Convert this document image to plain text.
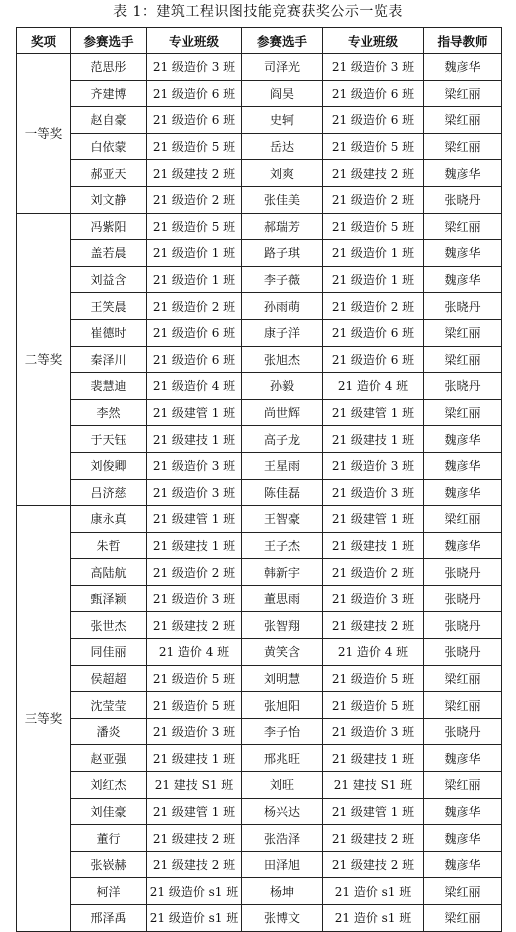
表 1：建筑工程识图技能竞赛获奖公示一览表
奖项	参赛选手	专业班级	参赛选手	专业班级	指导教师
一等奖	范思彤	21 级造价 3 班	司泽光	21 级造价 3 班	魏彦华
	齐建博	21 级造价 6 班	阎昊	21 级造价 6 班	梁红丽
	赵自豪	21 级造价 6 班	史轲	21 级造价 6 班	梁红丽
	白依蒙	21 级造价 5 班	岳达	21 级造价 5 班	梁红丽
	郝亚天	21 级建技 2 班	刘爽	21 级建技 2 班	魏彦华
	刘文静	21 级造价 2 班	张佳美	21 级造价 2 班	张晓丹
二等奖	冯紫阳	21 级造价 5 班	郝瑞芳	21 级造价 5 班	梁红丽
	盖若晨	21 级造价 1 班	路子琪	21 级造价 1 班	魏彦华
	刘益含	21 级造价 1 班	李子薇	21 级造价 1 班	魏彦华
	王笑晨	21 级造价 2 班	孙雨萌	21 级造价 2 班	张晓丹
	崔德时	21 级造价 6 班	康子洋	21 级造价 6 班	梁红丽
	秦泽川	21 级造价 6 班	张旭杰	21 级造价 6 班	梁红丽
	裴慧迪	21 级造价 4 班	孙毅	21 造价 4 班	张晓丹
	李然	21 级建管 1 班	尚世辉	21 级建管 1 班	梁红丽
	于天钰	21 级建技 1 班	高子龙	21 级建技 1 班	魏彦华
	刘俊卿	21 级造价 3 班	王星雨	21 级造价 3 班	魏彦华
	吕济慈	21 级造价 3 班	陈佳磊	21 级造价 3 班	魏彦华
三等奖	康永真	21 级建管 1 班	王智豪	21 级建管 1 班	梁红丽
	朱哲	21 级建技 1 班	王子杰	21 级建技 1 班	魏彦华
	高陆航	21 级造价 2 班	韩新宇	21 级造价 2 班	张晓丹
	甄泽颖	21 级造价 3 班	董思雨	21 级造价 3 班	张晓丹
	张世杰	21 级建技 2 班	张智翔	21 级建技 2 班	张晓丹
	同佳丽	21 造价 4 班	黄笑含	21 造价 4 班	张晓丹
	侯超超	21 级造价 5 班	刘明慧	21 级造价 5 班	梁红丽
	沈莹莹	21 级造价 5 班	张旭阳	21 级造价 5 班	梁红丽
	潘炎	21 级造价 3 班	李子怡	21 级造价 3 班	张晓丹
	赵亚强	21 级建技 1 班	邢兆旺	21 级建技 1 班	魏彦华
	刘红杰	21 建技 S1 班	刘旺	21 建技 S1 班	梁红丽
	刘佳豪	21 级建管 1 班	杨兴达	21 级建管 1 班	魏彦华
	董行	21 级建技 2 班	张浩泽	21 级建技 2 班	魏彦华
	张嵚赫	21 级建技 2 班	田泽旭	21 级建技 2 班	魏彦华
	柯洋	21 级造价 s1 班	杨坤	21 造价 s1 班	梁红丽
	邢泽禹	21 级造价 s1 班	张博文	21 造价 s1 班	梁红丽
